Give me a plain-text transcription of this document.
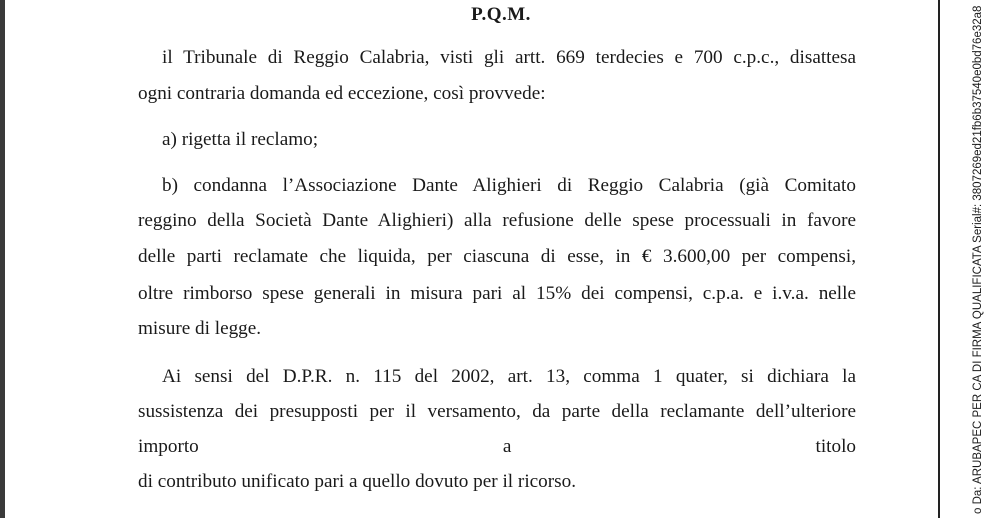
P.Q.M.
il Tribunale di Reggio Calabria, visti gli artt. 669 terdecies e 700 c.p.c., disattesa
ogni contraria domanda ed eccezione, così provvede:
a) rigetta il reclamo;
b) condanna l’Associazione Dante Alighieri di Reggio Calabria (già Comitato
reggino della Società Dante Alighieri) alla refusione delle spese processuali in favore
delle parti reclamate che liquida, per ciascuna di esse, in € 3.600,00 per compensi,
oltre rimborso spese generali in misura pari al 15% dei compensi, c.p.a. e i.v.a. nelle
misure di legge.
Ai sensi del D.P.R. n. 115 del 2002, art. 13, comma 1 quater, si dichiara la
sussistenza dei presupposti per il versamento, da parte della reclamante dell’ulteriore
importo	a	titolo
di contributo unificato pari a quello dovuto per il ricorso.	o Da: ARUBAPEC PER CA DI FIRMA QUALIFICATA Serial#: 3807269ed21fb6b37540e0bd76e32a8
